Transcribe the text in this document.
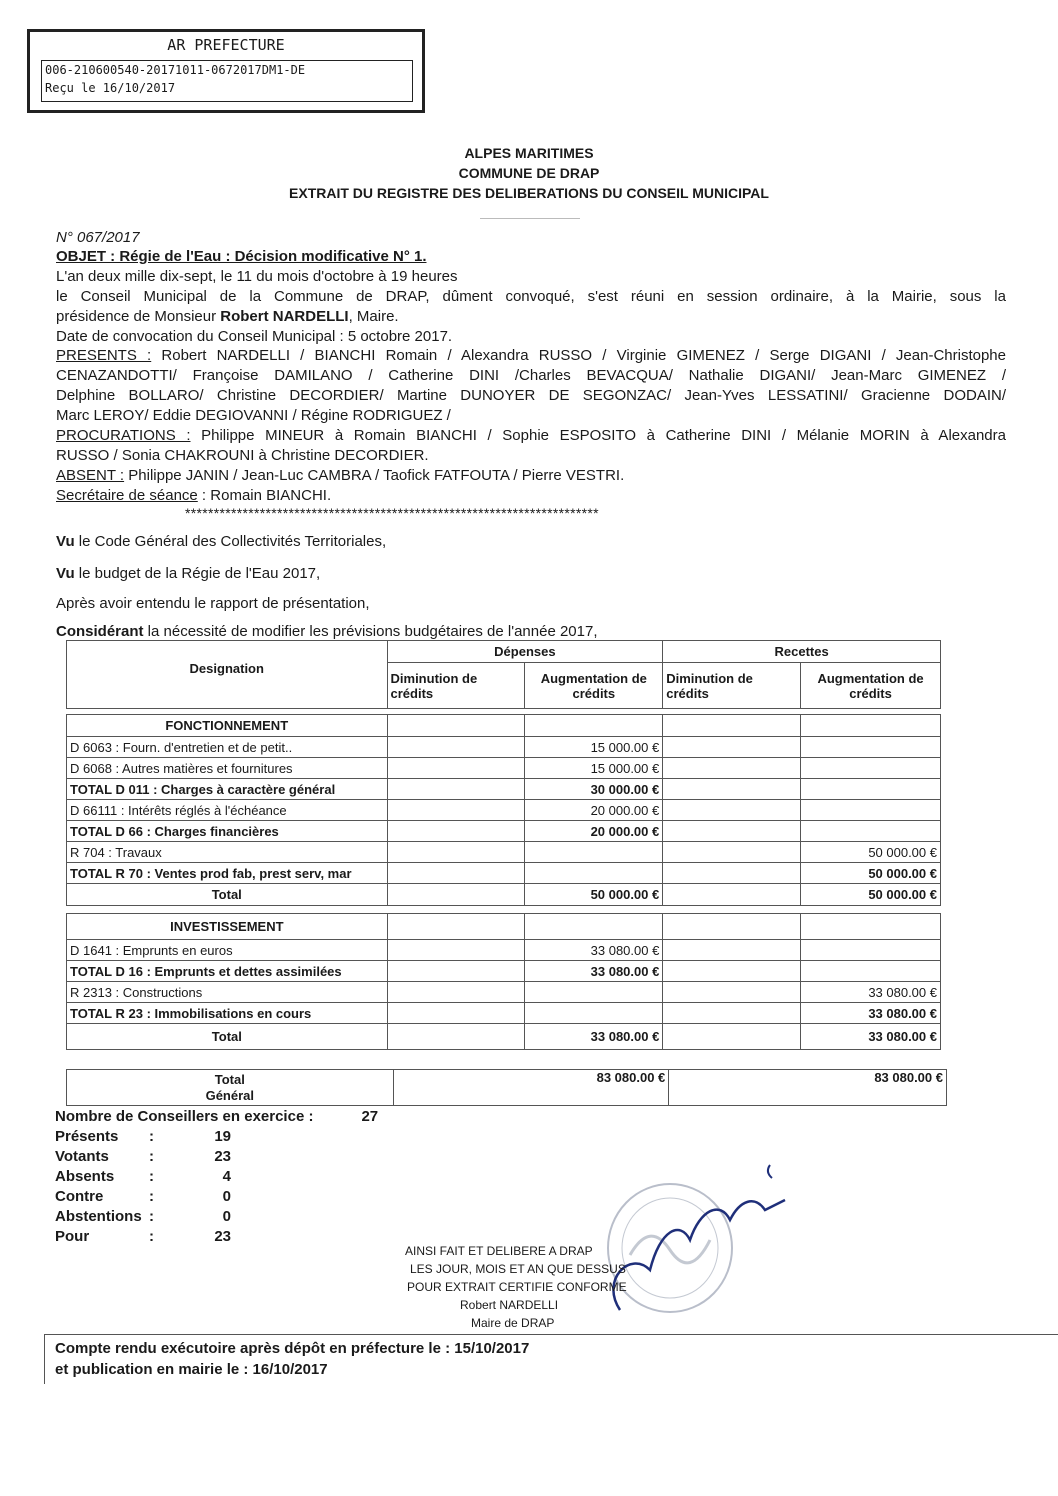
AR PREFECTURE
006-210600540-20171011-0672017DM1-DE
Reçu le 16/10/2017
ALPES MARITIMES
COMMUNE DE DRAP
EXTRAIT DU REGISTRE DES DELIBERATIONS DU CONSEIL MUNICIPAL
N° 067/2017
OBJET : Régie de l'Eau : Décision modificative N° 1.
L'an deux mille dix-sept, le 11 du mois d'octobre à 19 heures
le Conseil Municipal de la Commune de DRAP, dûment convoqué, s'est réuni en session ordinaire, à la Mairie, sous la
présidence de Monsieur Robert NARDELLI, Maire.
Date de convocation du Conseil Municipal : 5 octobre 2017.
PRESENTS : Robert NARDELLI / BIANCHI Romain / Alexandra RUSSO / Virginie GIMENEZ / Serge DIGANI / Jean-Christophe
CENAZANDOTTI/ Françoise DAMILANO / Catherine DINI /Charles BEVACQUA/ Nathalie DIGANI/ Jean-Marc GIMENEZ /
Delphine BOLLARO/ Christine DECORDIER/ Martine DUNOYER DE SEGONZAC/ Jean-Yves LESSATINI/ Gracienne DODAIN/
Marc LEROY/ Eddie DEGIOVANNI / Régine RODRIGUEZ /
PROCURATIONS : Philippe MINEUR à Romain BIANCHI / Sophie ESPOSITO à Catherine DINI / Mélanie MORIN à Alexandra
RUSSO / Sonia CHAKROUNI à Christine DECORDIER.
ABSENT : Philippe JANIN / Jean-Luc CAMBRA / Taofick FATFOUTA / Pierre VESTRI.
Secrétaire de séance : Romain BIANCHI.
************************************************************************
Vu le Code Général des Collectivités Territoriales,
Vu le budget de la Régie de l'Eau 2017,
Après avoir entendu le rapport de présentation,
Considérant la nécessité de modifier les prévisions budgétaires de l'année 2017,
Designation	Dépenses		Recettes	
	Diminution de crédits	Augmentation de crédits	Diminution de crédits	Augmentation de crédits

FONCTIONNEMENT				
D 6063 : Fourn. d'entretien et de petit..		15 000.00 €		
D 6068 : Autres matières et fournitures		15 000.00 €		
TOTAL D 011 : Charges à caractère général		30 000.00 €		
D 66111 : Intérêts réglés à l'échéance		20 000.00 €		
TOTAL D 66 : Charges financières		20 000.00 €		
R 704 : Travaux				50 000.00 €
TOTAL R 70 : Ventes prod fab, prest serv, mar				50 000.00 €
Total		50 000.00 €		50 000.00 €
INVESTISSEMENT				
D 1641 : Emprunts en euros		33 080.00 €		
TOTAL D 16 : Emprunts et dettes assimilées		33 080.00 €		
R 2313 : Constructions				33 080.00 €
TOTAL R 23 : Immobilisations en cours				33 080.00 €
Total		33 080.00 €		33 080.00 €
Total
Général
	83 080.00 €	83 080.00 €
Nombre de Conseillers en exercice :	27
Présents :	19
Votants	:	23
Absents :	4
Contre	:	0
Abstentions :	0
Pour	:	23
AINSI FAIT ET DELIBERE A DRAP
LES JOUR, MOIS ET AN QUE DESSUS
POUR EXTRAIT CERTIFIE CONFORME
Robert NARDELLI
Maire de DRAP
Compte rendu exécutoire après dépôt en préfecture le : 15/10/2017
et publication en mairie le : 16/10/2017
